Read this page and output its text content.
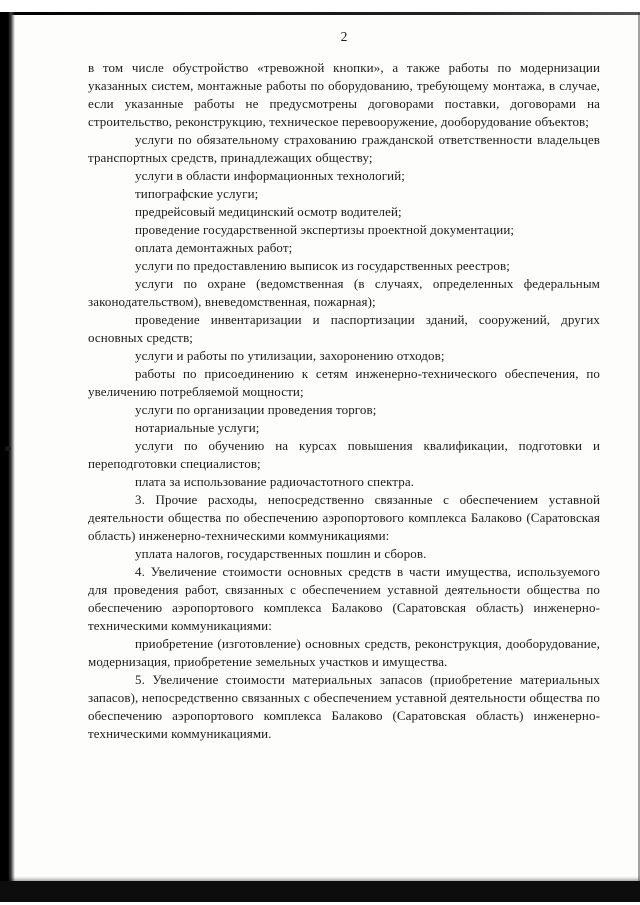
2

в том числе обустройство «тревожной кнопки», а также работы по модернизации указанных систем, монтажные работы по оборудованию, требующему монтажа, в случае, если указанные работы не предусмотрены договорами поставки, договорами на строительство, реконструкцию, техническое перевооружение, дооборудование объектов;

услуги по обязательному страхованию гражданской ответственности владельцев транспортных средств, принадлежащих обществу;

услуги в области информационных технологий;

типографские услуги;

предрейсовый медицинский осмотр водителей;

проведение государственной экспертизы проектной документации;

оплата демонтажных работ;

услуги по предоставлению выписок из государственных реестров;

услуги по охране (ведомственная (в случаях, определенных федеральным законодательством), вневедомственная, пожарная);

проведение инвентаризации и паспортизации зданий, сооружений, других основных средств;

услуги и работы по утилизации, захоронению отходов;

работы по присоединению к сетям инженерно-технического обеспечения, по увеличению потребляемой мощности;

услуги по организации проведения торгов;

нотариальные услуги;

услуги по обучению на курсах повышения квалификации, подготовки и переподготовки специалистов;

плата за использование радиочастотного спектра.

3. Прочие расходы, непосредственно связанные с обеспечением уставной деятельности общества по обеспечению аэропортового комплекса Балаково (Саратовская область) инженерно-техническими коммуникациями:

уплата налогов, государственных пошлин и сборов.

4. Увеличение стоимости основных средств в части имущества, используемого для проведения работ, связанных с обеспечением уставной деятельности общества по обеспечению аэропортового комплекса Балаково (Саратовская область) инженерно-техническими коммуникациями:

приобретение (изготовление) основных средств, реконструкция, дооборудование, модернизация, приобретение земельных участков и имущества.

5. Увеличение стоимости материальных запасов (приобретение материальных запасов), непосредственно связанных с обеспечением уставной деятельности общества по обеспечению аэропортового комплекса Балаково (Саратовская область) инженерно-техническими коммуникациями.
